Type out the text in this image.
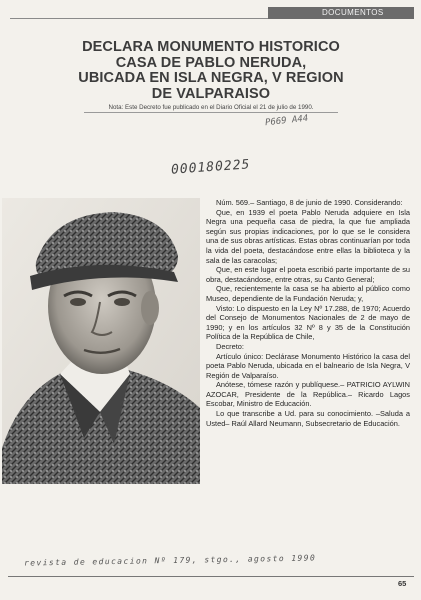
DOCUMENTOS
DECLARA MONUMENTO HISTORICO
CASA DE PABLO NERUDA,
UBICADA EN ISLA NEGRA, V REGION
DE VALPARAISO
Nota: Este Decreto fue publicado en el Diario Oficial el 21 de julio de 1990.
P669 A44
000180225

Núm. 569.– Santiago, 8 de junio de 1990. Considerando:

Que, en 1939 el poeta Pablo Neruda adquiere en Isla Negra una pequeña casa de piedra, la que fue ampliada según sus propias indicaciones, por lo que se le considera una de sus obras artísticas. Estas obras continuarían por toda la vida del poeta, destacándose entre ellas la biblioteca y la sala de las caracolas;

Que, en este lugar el poeta escribió parte importante de su obra, destacándose, entre otras, su Canto General;

Que, recientemente la casa se ha abierto al público como Museo, dependiente de la Fundación Neruda; y,

Visto: Lo dispuesto en la Ley Nº 17.288, de 1970; Acuerdo del Consejo de Monumentos Nacionales de 2 de mayo de 1990; y en los artículos 32 Nº 8 y 35 de la Constitución Política de la República de Chile,

Decreto:

Artículo único: Declárase Monumento Histórico la casa del poeta Pablo Neruda, ubicada en el balneario de Isla Negra, V Región de Valparaíso.

Anótese, tómese razón y publíquese.– PATRICIO AYLWIN AZOCAR, Presidente de la República.– Ricardo Lagos Escobar, Ministro de Educación.

Lo que transcribe a Ud. para su conocimiento. –Saluda a Usted– Raúl Allard Neumann, Subsecretario de Educación.

revista de educacion Nº 179, stgo., agosto 1990
65
